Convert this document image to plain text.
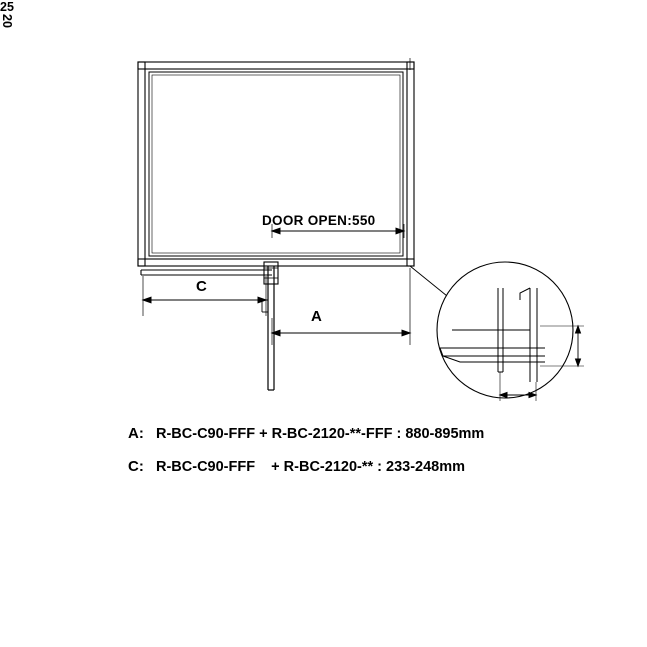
DOOR OPEN:550
A
C
25
20
A: R-BC-C90-FFF + R-BC-2120-**-FFF : 880-895mm
C: R-BC-C90-FFF    + R-BC-2120-** : 233-248mm
